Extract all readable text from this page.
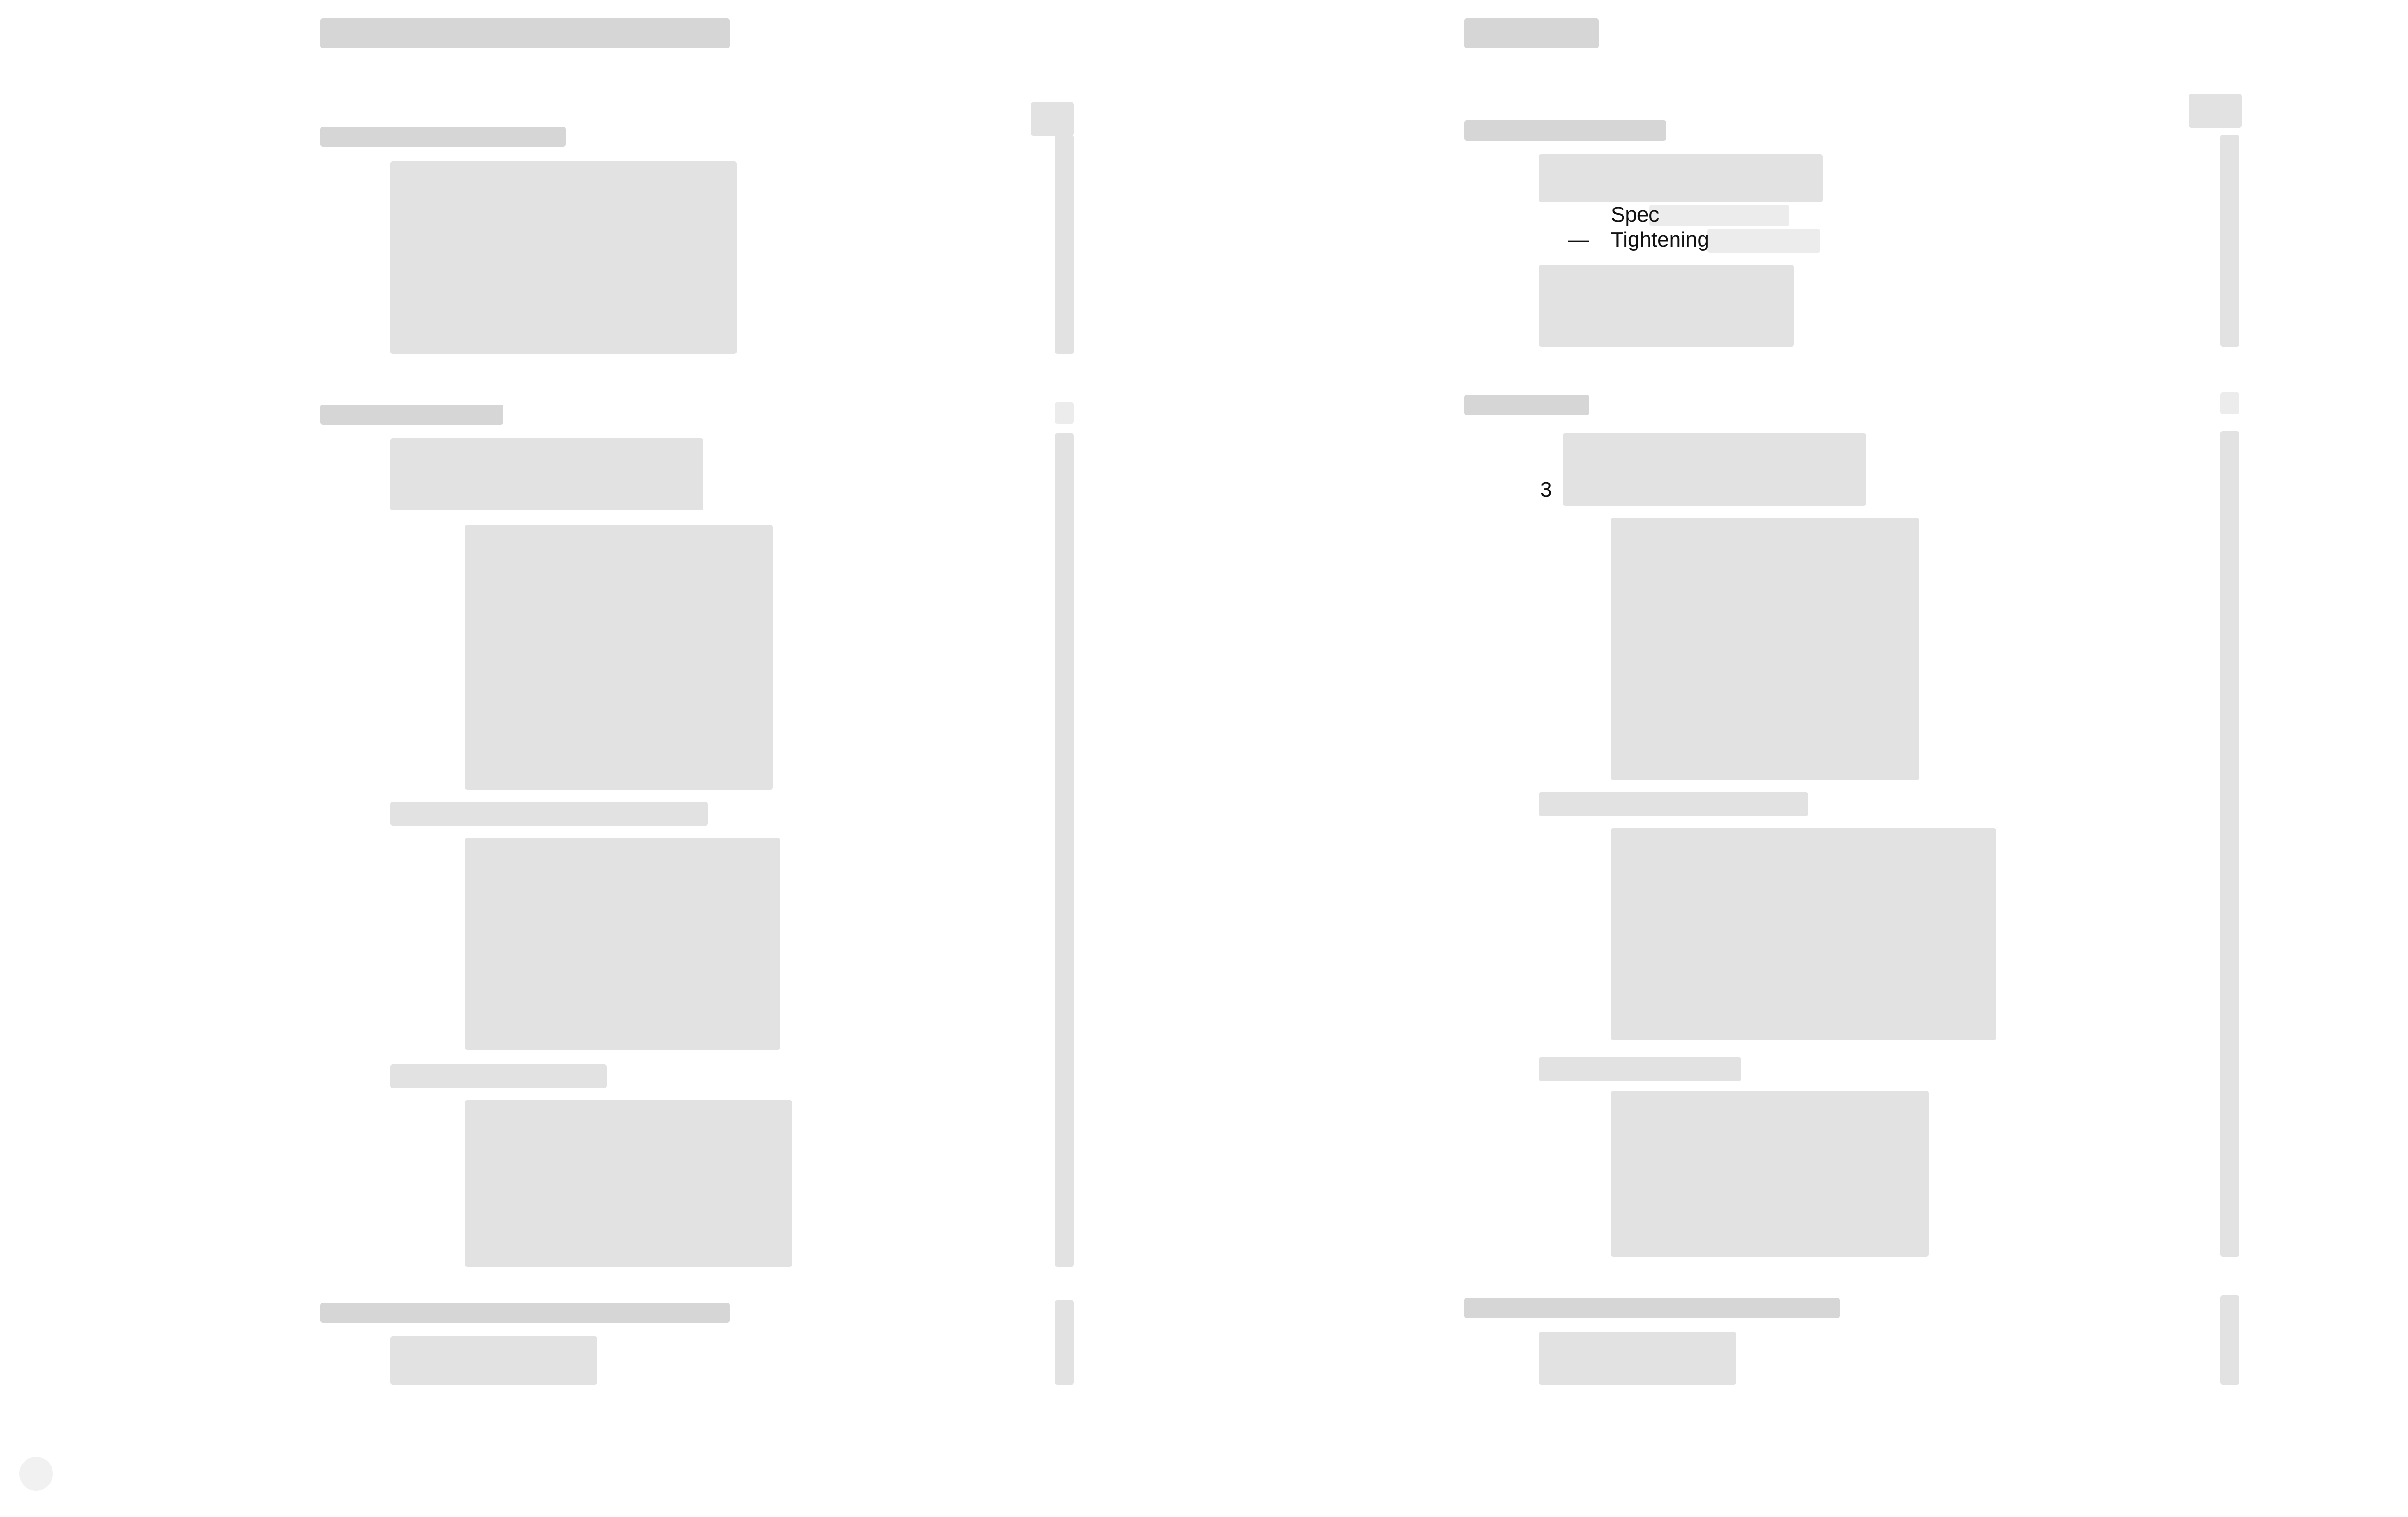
3
Spec
— Tightening
